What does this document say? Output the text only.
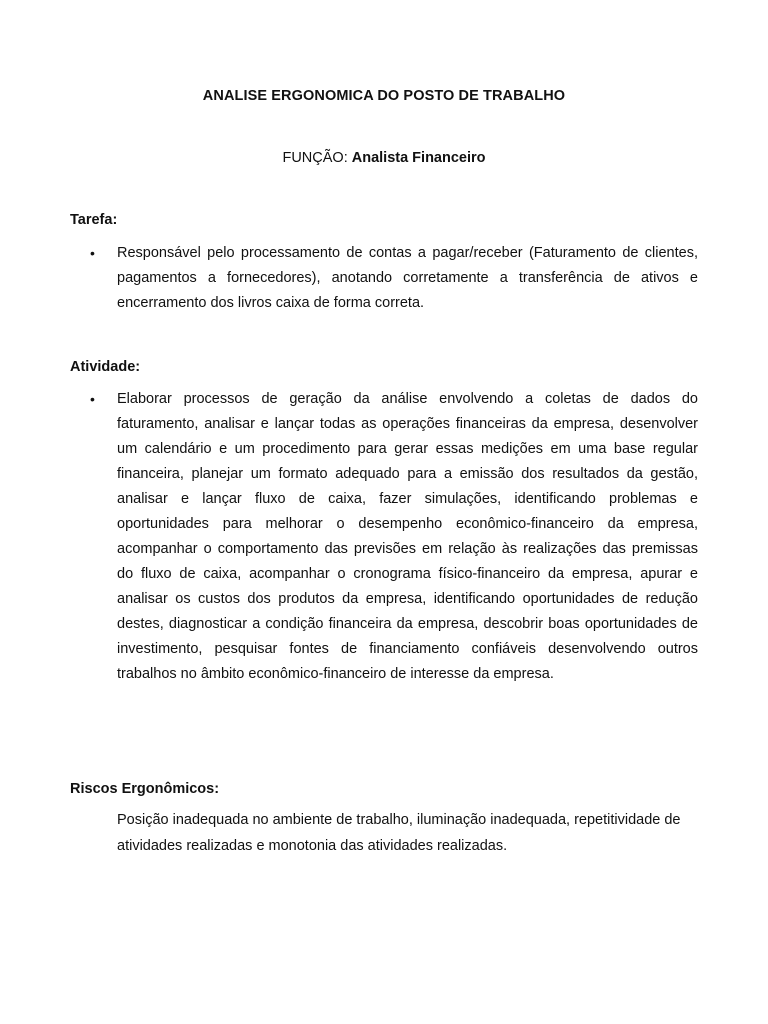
ANALISE ERGONOMICA DO POSTO DE TRABALHO
FUNÇÃO: Analista Financeiro
Tarefa:
• Responsável pelo processamento de contas a pagar/receber (Faturamento de clientes, pagamentos a fornecedores), anotando corretamente a transferência de ativos e encerramento dos livros caixa de forma correta.
Atividade:
• Elaborar processos de geração da análise envolvendo a coletas de dados do faturamento, analisar e lançar todas as operações financeiras da empresa, desenvolver um calendário e um procedimento para gerar essas medições em uma base regular financeira, planejar um formato adequado para a emissão dos resultados da gestão, analisar e lançar fluxo de caixa, fazer simulações, identificando problemas e oportunidades para melhorar o desempenho econômico-financeiro da empresa, acompanhar o comportamento das previsões em relação às realizações das premissas do fluxo de caixa, acompanhar o cronograma físico-financeiro da empresa, apurar e analisar os custos dos produtos da empresa, identificando oportunidades de redução destes, diagnosticar a condição financeira da empresa, descobrir boas oportunidades de investimento, pesquisar fontes de financiamento confiáveis desenvolvendo outros trabalhos no âmbito econômico-financeiro de interesse da empresa.
Riscos Ergonômicos:
Posição inadequada no ambiente de trabalho, iluminação inadequada, repetitividade de atividades realizadas e monotonia das atividades realizadas.
